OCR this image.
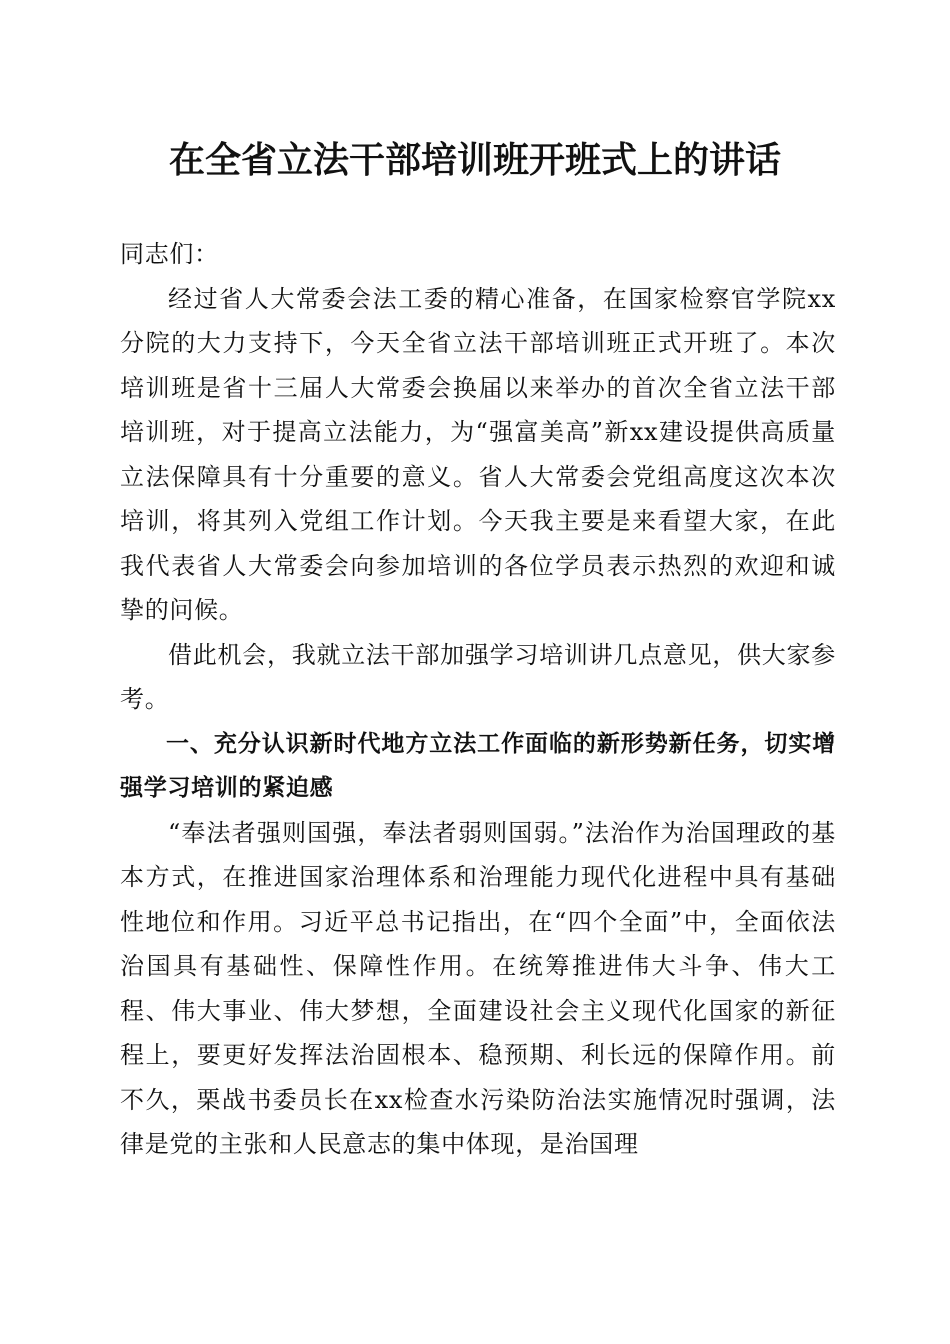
在全省立法干部培训班开班式上的讲话

同志们：

经过省人大常委会法工委的精心准备，在国家检察官学院xx分院的大力支持下，今天全省立法干部培训班正式开班了。本次培训班是省十三届人大常委会换届以来举办的首次全省立法干部培训班，对于提高立法能力，为“强富美高”新xx建设提供高质量立法保障具有十分重要的意义。省人大常委会党组高度这次本次培训，将其列入党组工作计划。今天我主要是来看望大家，在此我代表省人大常委会向参加培训的各位学员表示热烈的欢迎和诚挚的问候。

借此机会，我就立法干部加强学习培训讲几点意见，供大家参考。

一、充分认识新时代地方立法工作面临的新形势新任务，切实增强学习培训的紧迫感

“奉法者强则国强，奉法者弱则国弱。”法治作为治国理政的基本方式，在推进国家治理体系和治理能力现代化进程中具有基础性地位和作用。习近平总书记指出，在“四个全面”中，全面依法治国具有基础性、保障性作用。在统筹推进伟大斗争、伟大工程、伟大事业、伟大梦想，全面建设社会主义现代化国家的新征程上，要更好发挥法治固根本、稳预期、利长远的保障作用。前不久，栗战书委员长在xx检查水污染防治法实施情况时强调，法律是党的主张和人民意志的集中体现，是治国理
